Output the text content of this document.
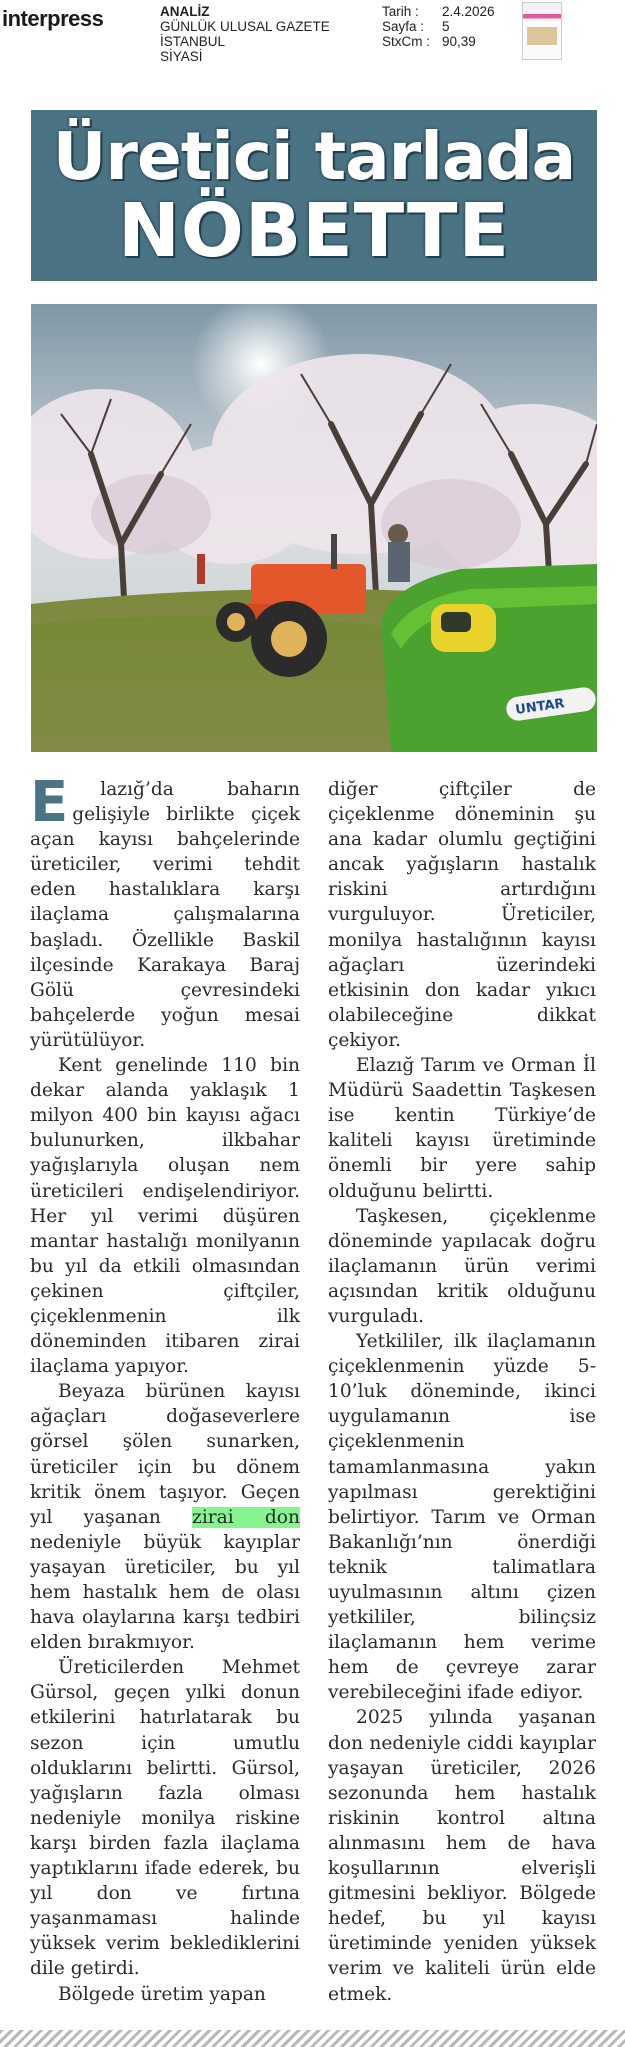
interpress	ANALİZ
GÜNLÜK ULUSAL GAZETE
İSTANBUL
SİYASİ
Tarih :	2.4.2026
Sayfa :	5
StxCm : 90,39
Üretici tarlada
NÖBETTE
UNTAR

E lazığ’da baharın gelişiyle birlikte çiçek açan kayısı bahçelerinde üreticiler, verimi tehdit eden hastalıklara karşı ilaçlama çalışmalarına başladı. Özellikle Baskil ilçesinde Karakaya Baraj Gölü çevresindeki bahçelerde yoğun mesai yürütülüyor.

Kent genelinde 110 bin dekar alanda yaklaşık 1 milyon 400 bin kayısı ağacı bulunurken, ilkbahar yağışlarıyla oluşan nem üreticileri endişelendiriyor. Her yıl verimi düşüren mantar hastalığı monilyanın bu yıl da etkili olmasından çekinen çiftçiler, çiçeklenmenin ilk döneminden itibaren zirai ilaçlama yapıyor.

Beyaza bürünen kayısı ağaçları doğaseverlere görsel şölen sunarken, üreticiler için bu dönem kritik önem taşıyor. Geçen yıl yaşanan zirai don nedeniyle büyük kayıplar yaşayan üreticiler, bu yıl hem hastalık hem de olası hava olaylarına karşı tedbiri elden bırakmıyor.

Üreticilerden Mehmet Gürsol, geçen yılki donun etkilerini hatırlatarak bu sezon için umutlu olduklarını belirtti. Gürsol, yağışların fazla olması nedeniyle monilya riskine karşı birden fazla ilaçlama yaptıklarını ifade ederek, bu yıl don ve fırtına yaşanmaması halinde yüksek verim beklediklerini dile getirdi.

Bölgede üretim yapan

diğer çiftçiler de çiçeklenme döneminin şu ana kadar olumlu geçtiğini ancak yağışların hastalık riskini artırdığını vurguluyor. Üreticiler, monilya hastalığının kayısı ağaçları üzerindeki etkisinin don kadar yıkıcı olabileceğine dikkat çekiyor.

Elazığ Tarım ve Orman İl Müdürü Saadettin Taşkesen ise kentin Türkiye’de kaliteli kayısı üretiminde önemli bir yere sahip olduğunu belirtti.

Taşkesen, çiçeklenme döneminde yapılacak doğru ilaçlamanın ürün verimi açısından kritik olduğunu vurguladı.

Yetkililer, ilk ilaçlamanın çiçeklenmenin yüzde 5-10’luk döneminde, ikinci uygulamanın ise çiçeklenmenin tamamlanmasına yakın yapılması gerektiğini belirtiyor. Tarım ve Orman Bakanlığı’nın önerdiği teknik talimatlara uyulmasının altını çizen yetkililer, bilinçsiz ilaçlamanın hem verime hem de çevreye zarar verebileceğini ifade ediyor.

2025 yılında yaşanan don nedeniyle ciddi kayıplar yaşayan üreticiler, 2026 sezonunda hem hastalık riskinin kontrol altına alınmasını hem de hava koşullarının elverişli gitmesini bekliyor. Bölgede hedef, bu yıl kayısı üretiminde yeniden yüksek verim ve kaliteli ürün elde etmek.
